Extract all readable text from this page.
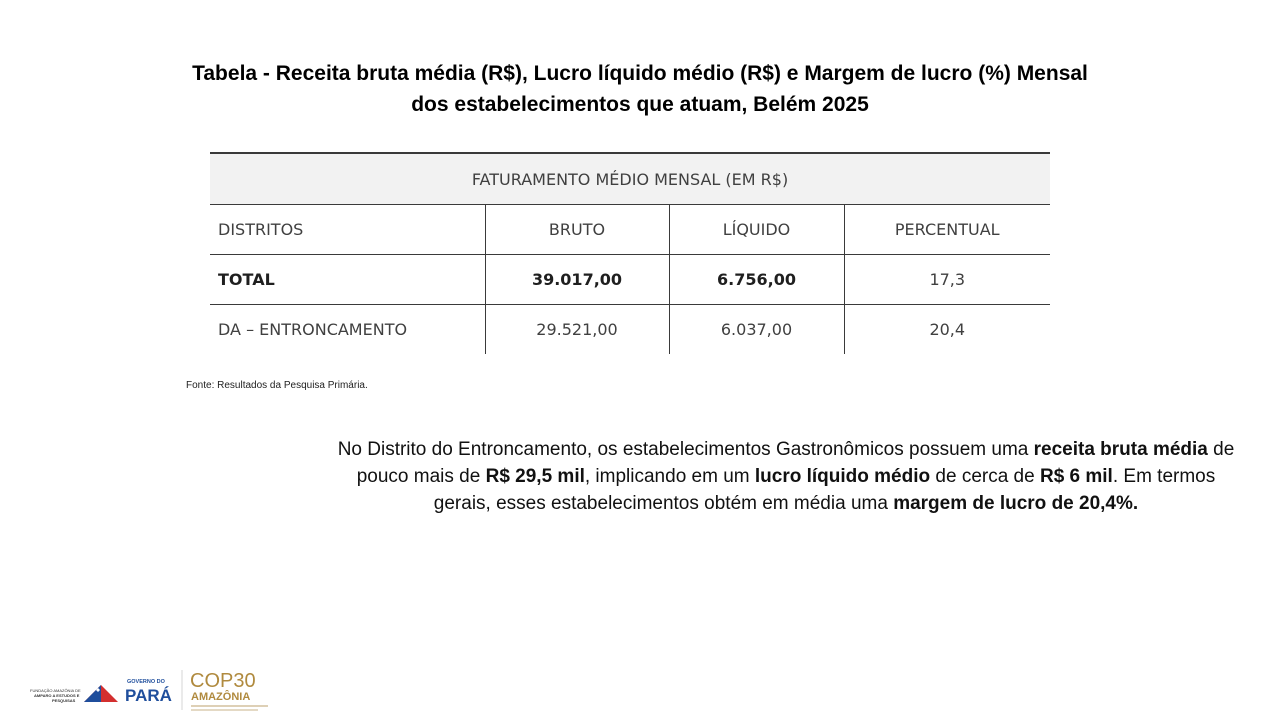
Tabela - Receita bruta média (R$), Lucro líquido médio (R$) e Margem de lucro (%) Mensal
dos estabelecimentos que atuam, Belém 2025
FATURAMENTO MÉDIO MENSAL (EM R$)			
DISTRITOS	BRUTO	LÍQUIDO	PERCENTUAL
TOTAL	39.017,00	6.756,00	17,3
DA – ENTRONCAMENTO	29.521,00	6.037,00	20,4
Fonte: Resultados da Pesquisa Primária.
No Distrito do Entroncamento, os estabelecimentos Gastronômicos possuem uma receita bruta média de pouco mais de R$ 29,5 mil, implicando em um lucro líquido médio de cerca de R$ 6 mil. Em termos gerais, esses estabelecimentos obtém em média uma margem de lucro de 20,4%.
FUNDAÇÃO AMAZÔNIA DE
AMPARO A ESTUDOS E
PESQUISAS
GOVERNO DO
PARÁ
COP30
AMAZÔNIA
